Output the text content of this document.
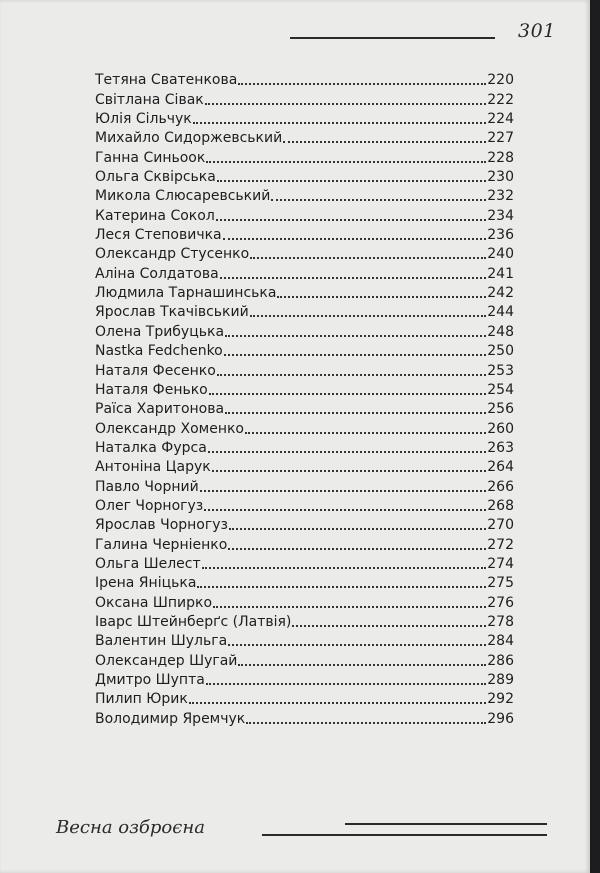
301
Тетяна Сватенкова	220
Світлана Сівак	222
Юлія Сільчук	224
Михайло Сидоржевський	227
Ганна Синьоок	228
Ольга Сквірська	230
Микола Слюсаревський	232
Катерина Сокол	234
Леся Степовичка	236
Олександр Стусенко	240
Аліна Солдатова	241
Людмила Тарнашинська	242
Ярослав Ткачівський	244
Олена Трибуцька	248
Nastka Fedchenko	250
Наталя Фесенко	253
Наталя Фенько	254
Раїса Харитонова	256
Олександр Хоменко	260
Наталка Фурса	263
Антоніна Царук	264
Павло Чорний	266
Олег Чорногуз	268
Ярослав Чорногуз	270
Галина Черніенко	272
Ольга Шелест	274
Ірена Яніцька	275
Оксана Шпирко	276
Іварс Штейнберґс (Латвія)	278
Валентин Шульга	284
Олександер Шугай	286
Дмитро Шупта	289
Пилип Юрик	292
Володимир Яремчук	296
Весна озброєна
